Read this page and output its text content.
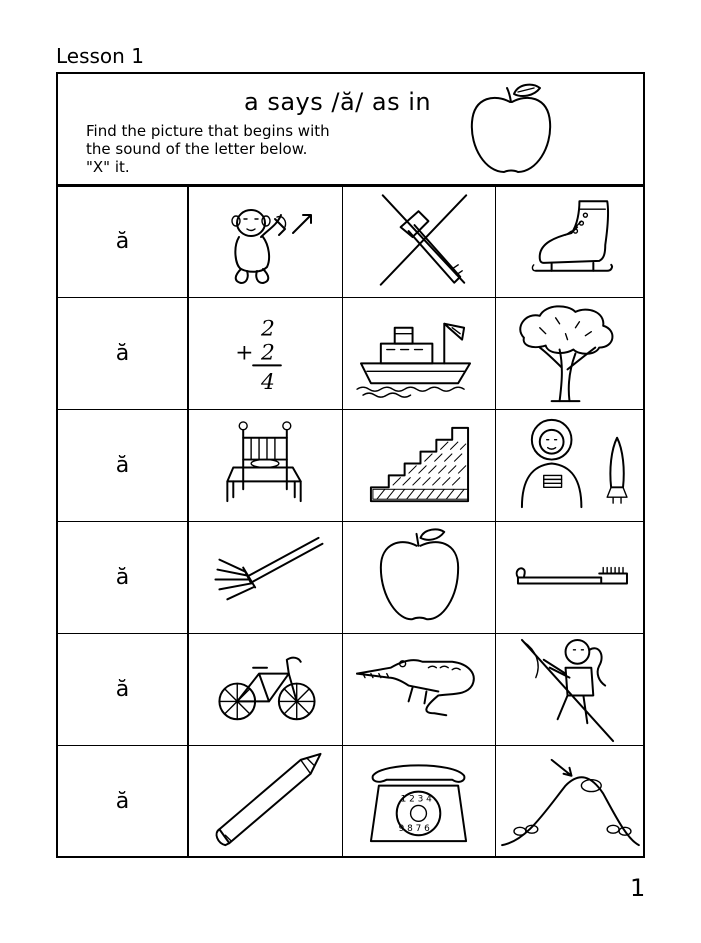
Lesson 1
a says /ă/ as in
Find the picture that begins with
the sound of the letter below.
"X" it.
ă
ă
2
+ 2
4
ă
ă
ă
ă	1 2 3 4
9 8 7 6
1
